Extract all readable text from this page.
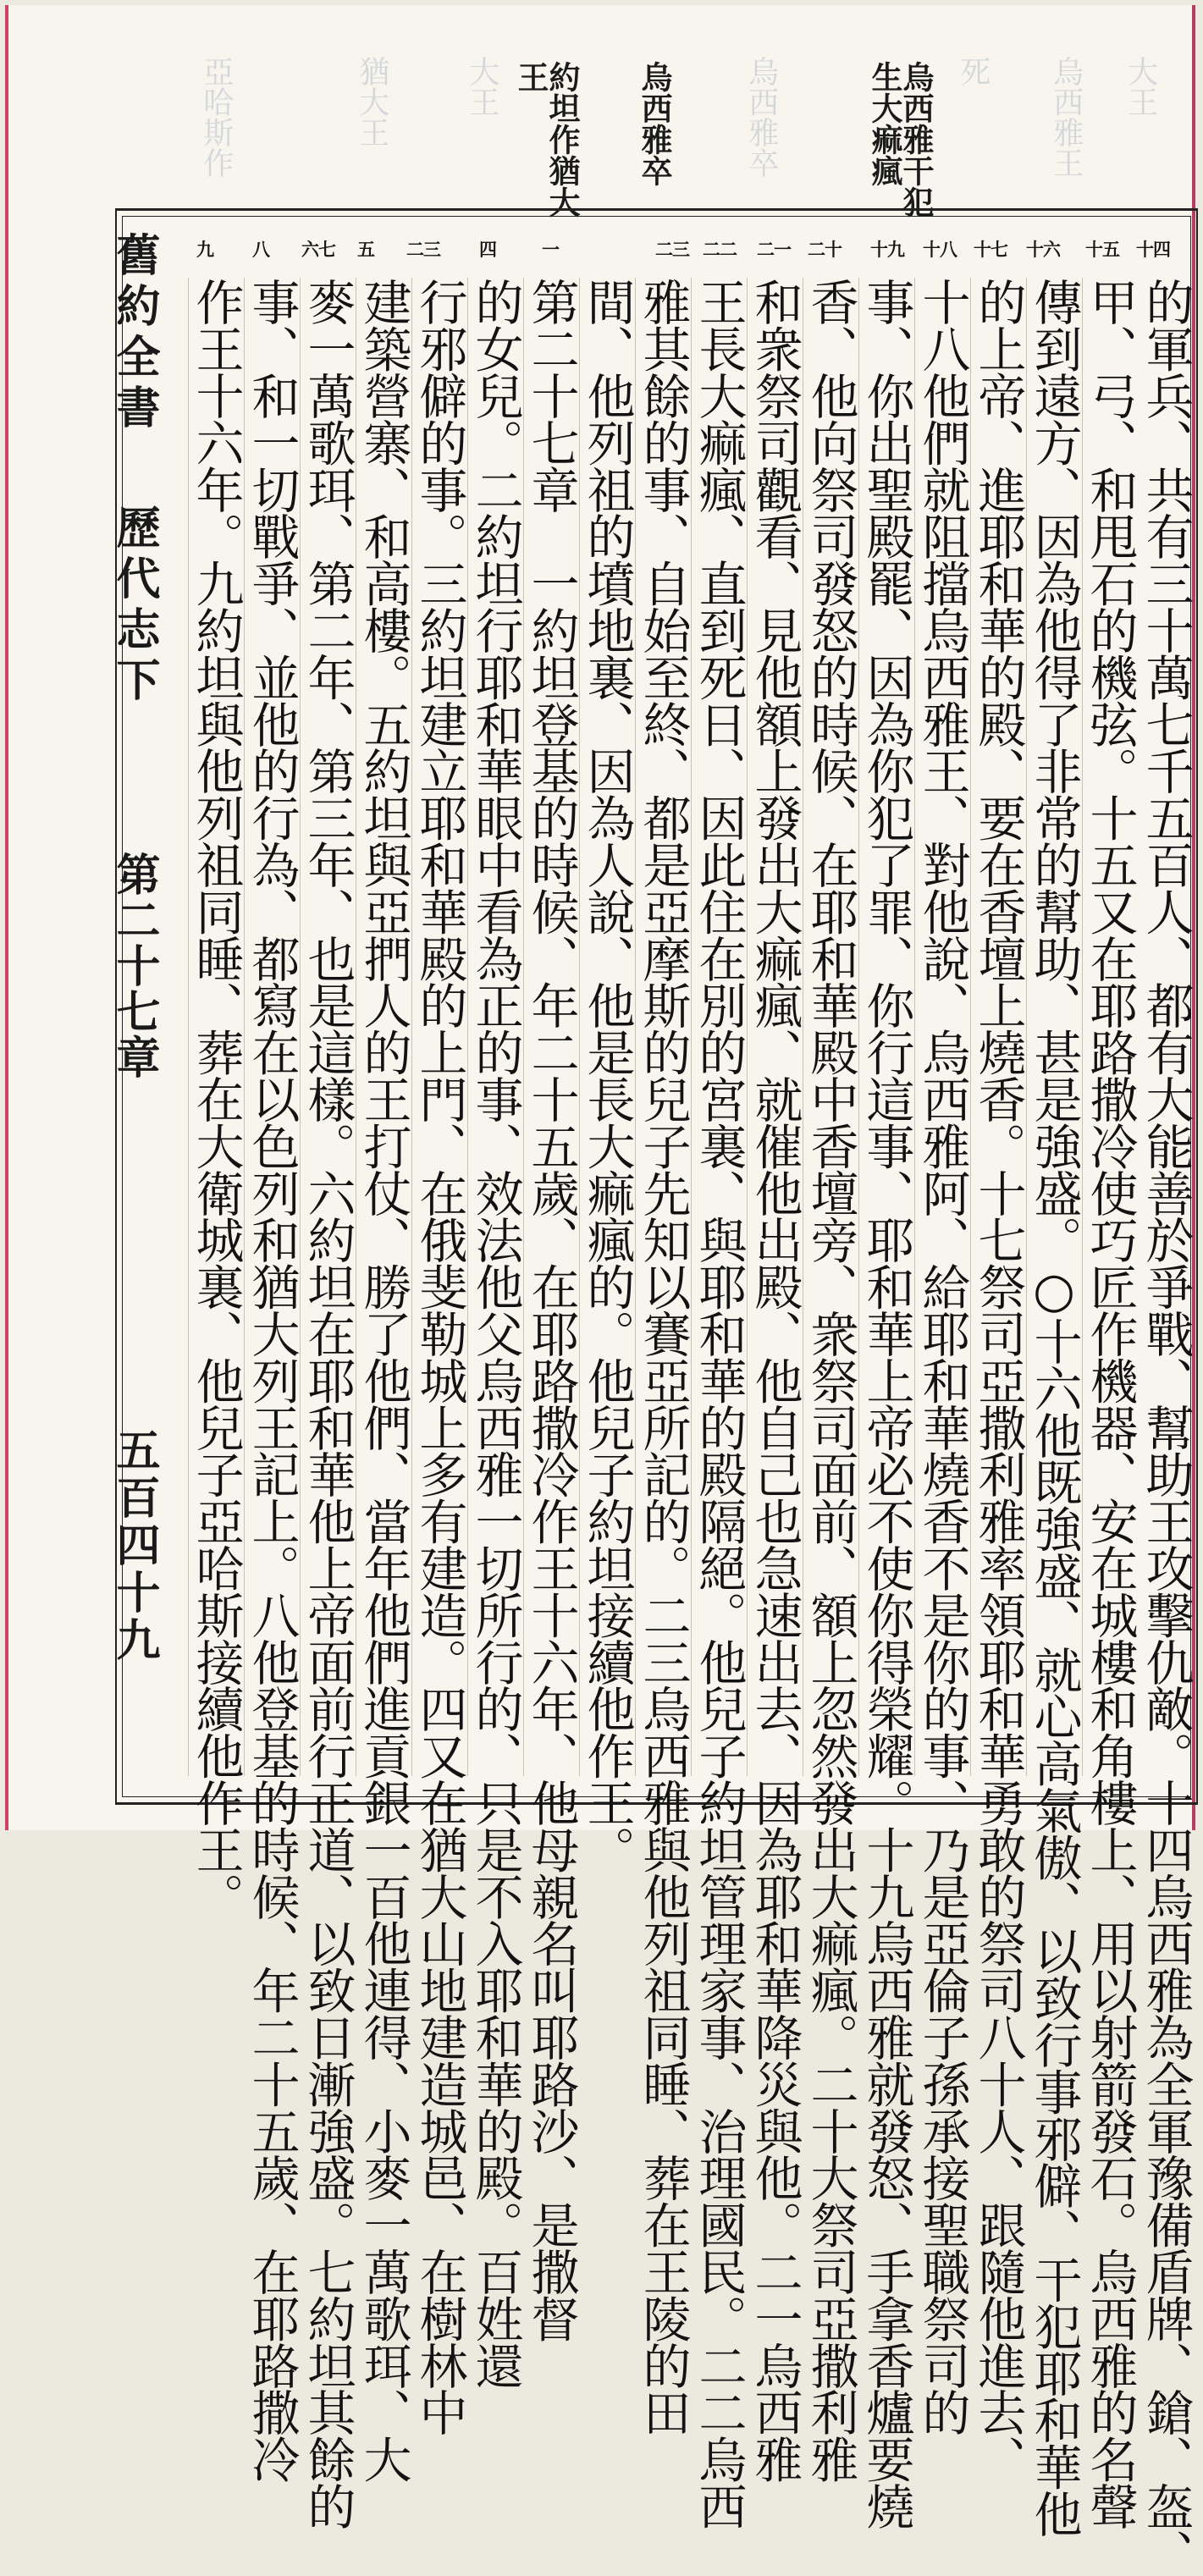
大王
烏西雅王
死
烏西雅卒
大王
猶大王
亞哈斯作	烏西雅干犯
生大痲瘋
烏西雅卒
約坦作猶大
王
十四
十五
十六
十七
十八
十九
二十
二一
二二
二三
一
二三 四
五
六七
八
九
的軍兵、共有三十萬七千五百人、都有大能善於爭戰、幫助王攻擊仇敵。十四烏西雅為全軍豫備盾牌、鎗、盔、
甲、弓、和甩石的機弦。十五又在耶路撒冷使巧匠作機器、安在城樓和角樓上、用以射箭發石。烏西雅的名聲
傳到遠方、因為他得了非常的幫助、甚是強盛。○十六他既強盛、就心高氣傲、以致行事邪僻、干犯耶和華他
的上帝、進耶和華的殿、要在香壇上燒香。十七祭司亞撒利雅率領耶和華勇敢的祭司八十人、跟隨他進去、
十八他們就阻擋烏西雅王、對他說、烏西雅阿、給耶和華燒香不是你的事、乃是亞倫子孫承接聖職祭司的
事、你出聖殿罷、因為你犯了罪、你行這事、耶和華上帝必不使你得榮耀。十九烏西雅就發怒、手拿香爐要燒
香、他向祭司發怒的時候、在耶和華殿中香壇旁、衆祭司面前、額上忽然發出大痲瘋。二十大祭司亞撒利雅
和衆祭司觀看、見他額上發出大痲瘋、就催他出殿、他自己也急速出去、因為耶和華降災與他。二一烏西雅
王長大痲瘋、直到死日、因此住在別的宮裏、與耶和華的殿隔絕。他兒子約坦管理家事、治理國民。二二烏西
雅其餘的事、自始至終、都是亞摩斯的兒子先知以賽亞所記的。二三烏西雅與他列祖同睡、葬在王陵的田
間、他列祖的墳地裏、因為人說、他是長大痲瘋的。他兒子約坦接續他作王。
第二十七章　一約坦登基的時候、年二十五歲、在耶路撒冷作王十六年、他母親名叫耶路沙、是撒督
的女兒。二約坦行耶和華眼中看為正的事、效法他父烏西雅一切所行的、只是不入耶和華的殿。百姓還
行邪僻的事。三約坦建立耶和華殿的上門、在俄斐勒城上多有建造。四又在猶大山地建造城邑、在樹林中
建築營寨、和高樓。五約坦與亞捫人的王打仗、勝了他們、當年他們進貢銀一百他連得、小麥一萬歌珥、大
麥一萬歌珥、第二年、第三年、也是這樣。六約坦在耶和華他上帝面前行正道、以致日漸強盛。七約坦其餘的
事、和一切戰爭、並他的行為、都寫在以色列和猶大列王記上。八他登基的時候、年二十五歲、在耶路撒冷
作王十六年。九約坦與他列祖同睡、葬在大衛城裏、他兒子亞哈斯接續他作王。
舊約全書
歷代志下
第二十七章
五百四十九
